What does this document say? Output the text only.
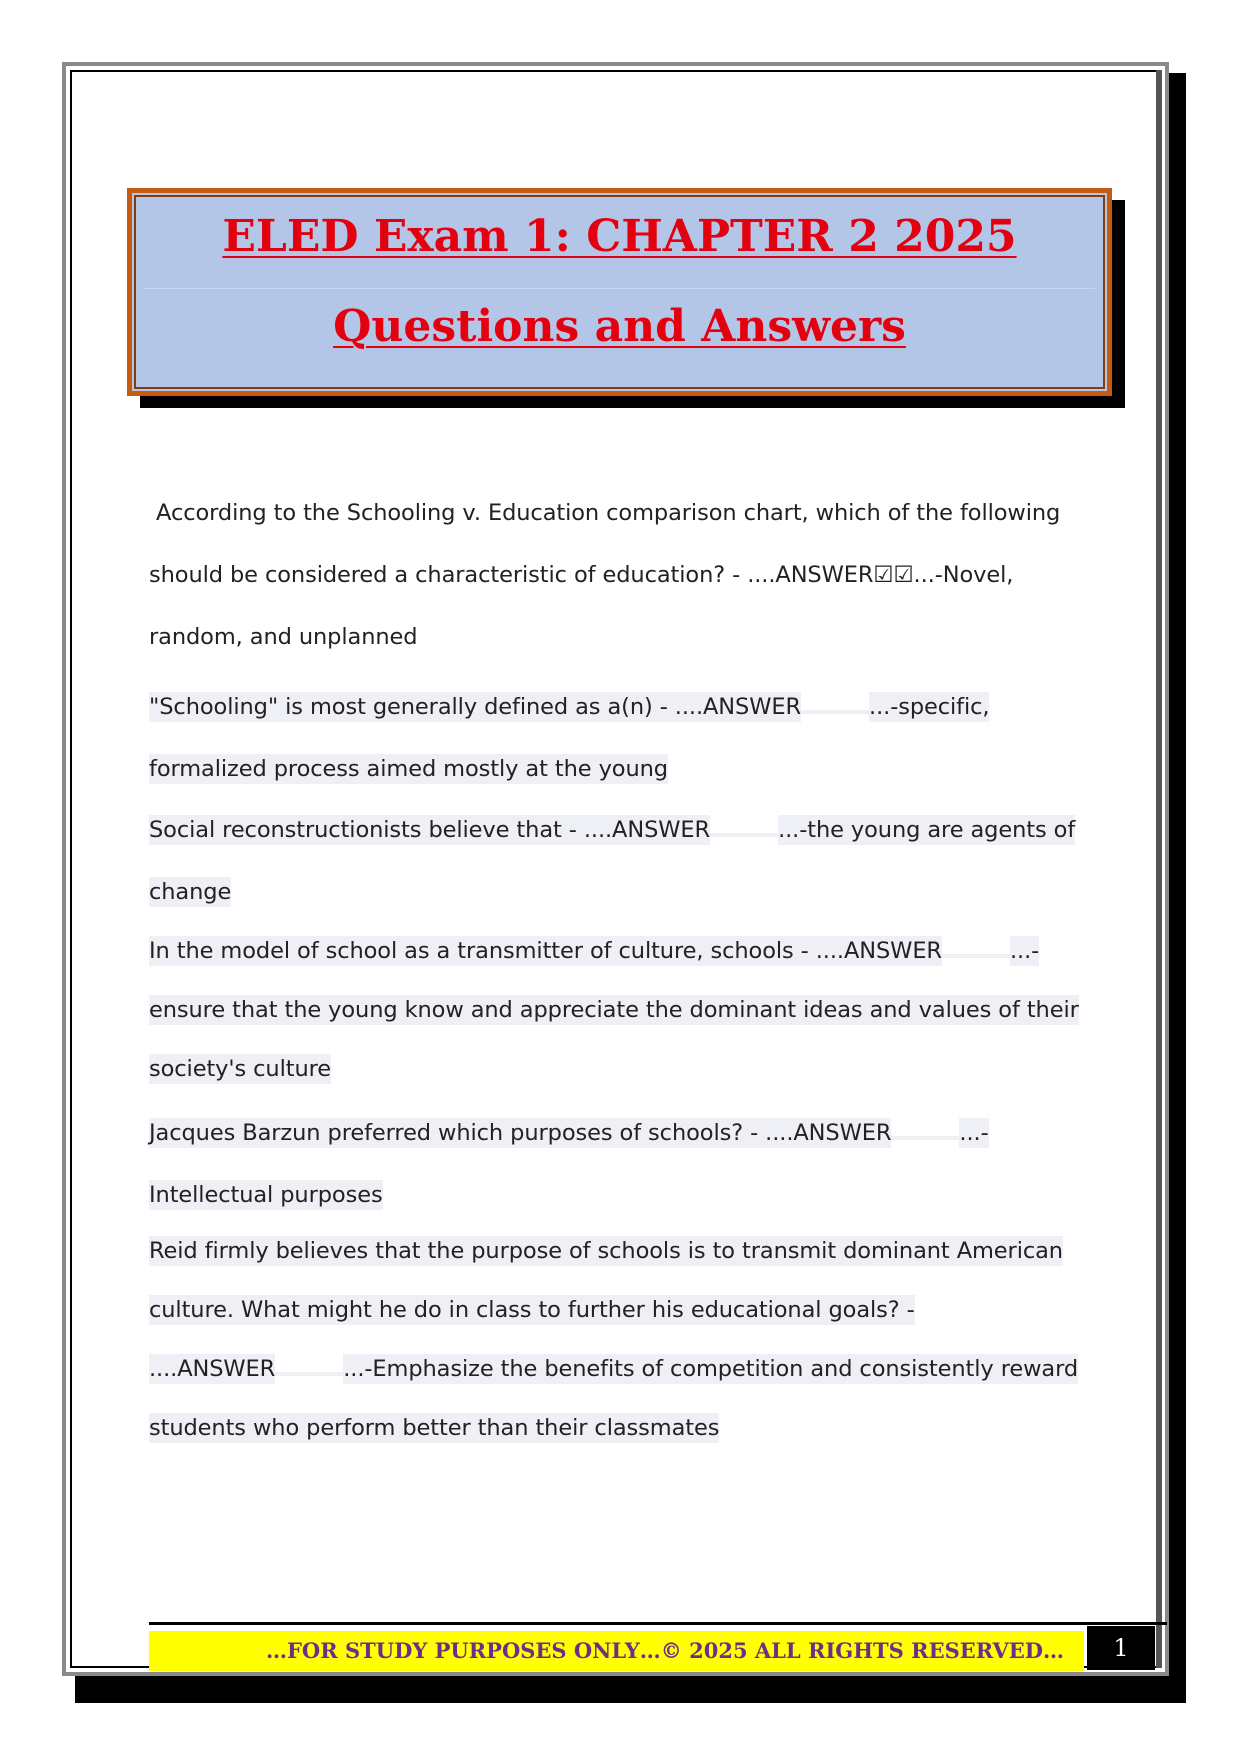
ELED Exam 1: CHAPTER 2 2025
Questions and Answers
According to the Schooling v. Education comparison chart, which of the following
should be considered a characteristic of education? - ....ANSWER☑☑...-Novel,
random, and unplanned
"Schooling" is most generally defined as a(n) - ....ANSWER	...-specific,
formalized process aimed mostly at the young
Social reconstructionists believe that - ....ANSWER	...-the young are agents of
change
In the model of school as a transmitter of culture, schools - ....ANSWER	...-
ensure that the young know and appreciate the dominant ideas and values of their
society's culture
Jacques Barzun preferred which purposes of schools? - ....ANSWER	...-
Intellectual purposes
Reid firmly believes that the purpose of schools is to transmit dominant American
culture. What might he do in class to further his educational goals? -
....ANSWER	...-Emphasize the benefits of competition and consistently reward
students who perform better than their classmates
…FOR STUDY PURPOSES ONLY…© 2025 ALL RIGHTS RESERVED…	1
